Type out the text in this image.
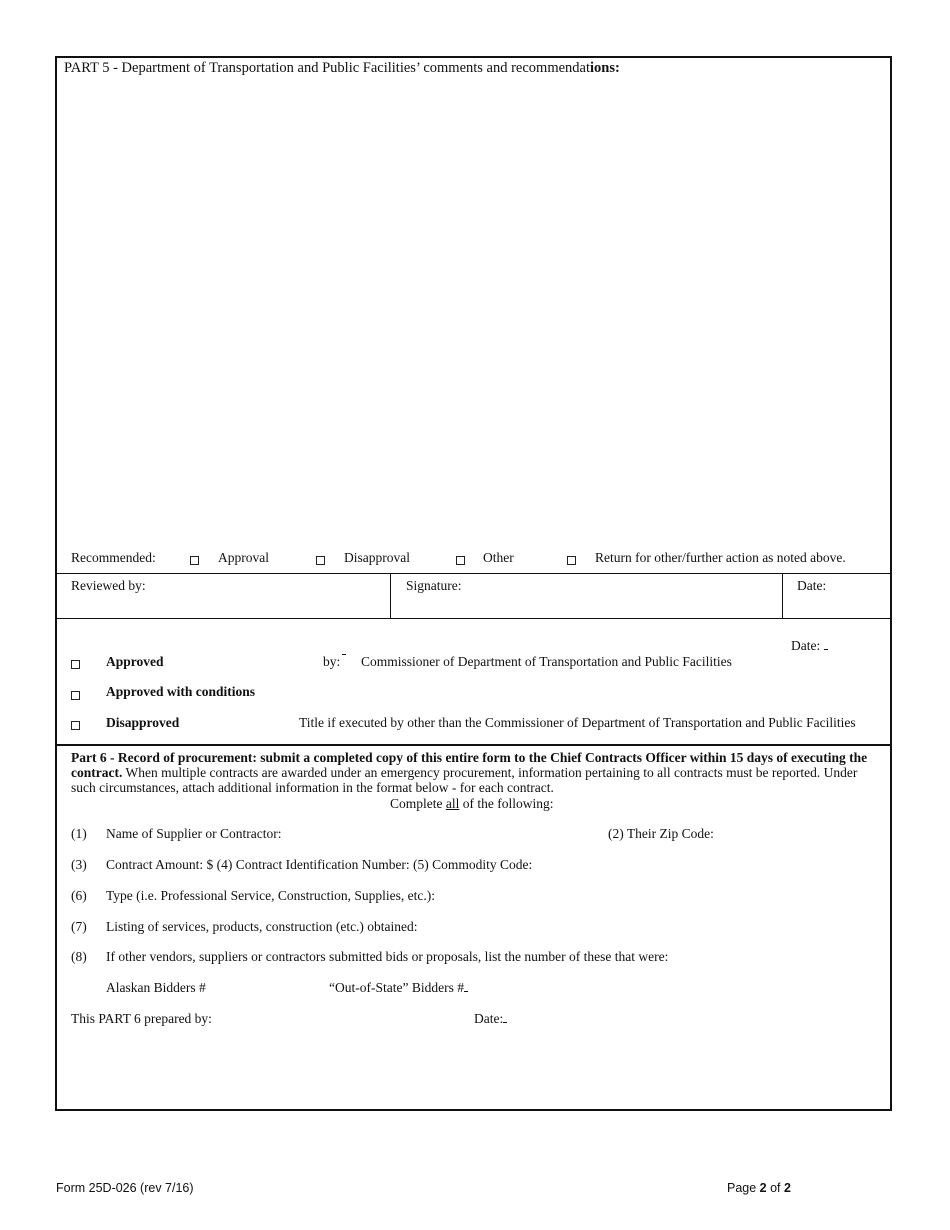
PART 5 - Department of Transportation and Public Facilities’ comments and recommendations:
Recommended:	Approval	Disapproval	Other	Return for other/further action as noted above.
Reviewed by:	Signature:	Date:
Date:
Approved	by: Commissioner of Department of Transportation and Public Facilities
Approved with conditions
Disapproved	Title if executed by other than the Commissioner of Department of Transportation and Public Facilities
Part 6 - Record of procurement: submit a completed copy of this entire form to the Chief Contracts Officer within 15 days of executing the contract. When multiple contracts are awarded under an emergency procurement, information pertaining to all contracts must be reported. Under such circumstances, attach additional information in the format below - for each contract.
Complete all of the following:
(1) Name of Supplier or Contractor:	(2) Their Zip Code:
(3) Contract Amount: $ (4) Contract Identification Number: (5) Commodity Code:
(6) Type (i.e. Professional Service, Construction, Supplies, etc.):
(7) Listing of services, products, construction (etc.) obtained:
(8) If other vendors, suppliers or contractors submitted bids or proposals, list the number of these that were:
Alaskan Bidders #	“Out-of-State” Bidders #
This PART 6 prepared by:	Date:
Form 25D-026 (rev 7/16)	Page 2 of 2
